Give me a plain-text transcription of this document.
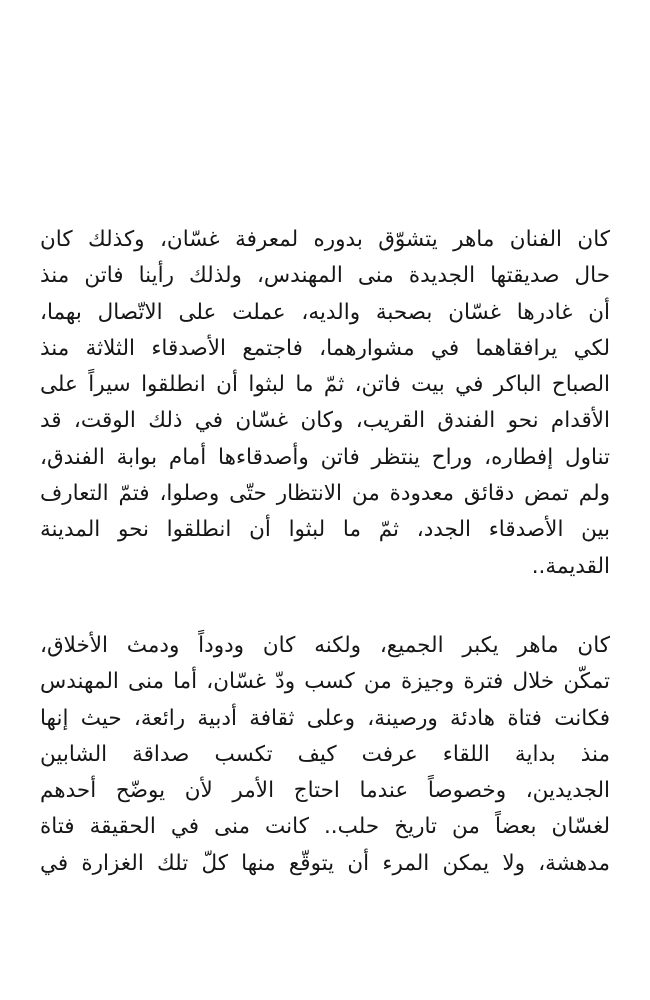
كان الفنان ماهر يتشوّق بدوره لمعرفة غسّان، وكذلك كان
حال صديقتها الجديدة منى المهندس، ولذلك رأينا فاتن منذ
أن غادرها غسّان بصحبة والديه، عملت على الاتّصال بهما،
لكي يرافقاهما في مشوارهما، فاجتمع الأصدقاء الثلاثة منذ
الصباح الباكر في بيت فاتن، ثمّ ما لبثوا أن انطلقوا سيراً على
الأقدام نحو الفندق القريب، وكان غسّان في ذلك الوقت، قد
تناول إفطاره، وراح ينتظر فاتن وأصدقاءها أمام بوابة الفندق،
ولم تمض دقائق معدودة من الانتظار حتّى وصلوا، فتمّ التعارف
بين الأصدقاء الجدد، ثمّ ما لبثوا أن انطلقوا نحو المدينة
القديمة..
كان ماهر يكبر الجميع، ولكنه كان ودوداً ودمث الأخلاق،
تمكّن خلال فترة وجيزة من كسب ودّ غسّان، أما منى المهندس
فكانت فتاة هادئة ورصينة، وعلى ثقافة أدبية رائعة، حيث إنها
منذ بداية اللقاء عرفت كيف تكسب صداقة الشابين
الجديدين، وخصوصاً عندما احتاج الأمر لأن يوضّح أحدهم
لغسّان بعضاً من تاريخ حلب.. كانت منى في الحقيقة فتاة
مدهشة، ولا يمكن المرء أن يتوقّع منها كلّ تلك الغزارة في
